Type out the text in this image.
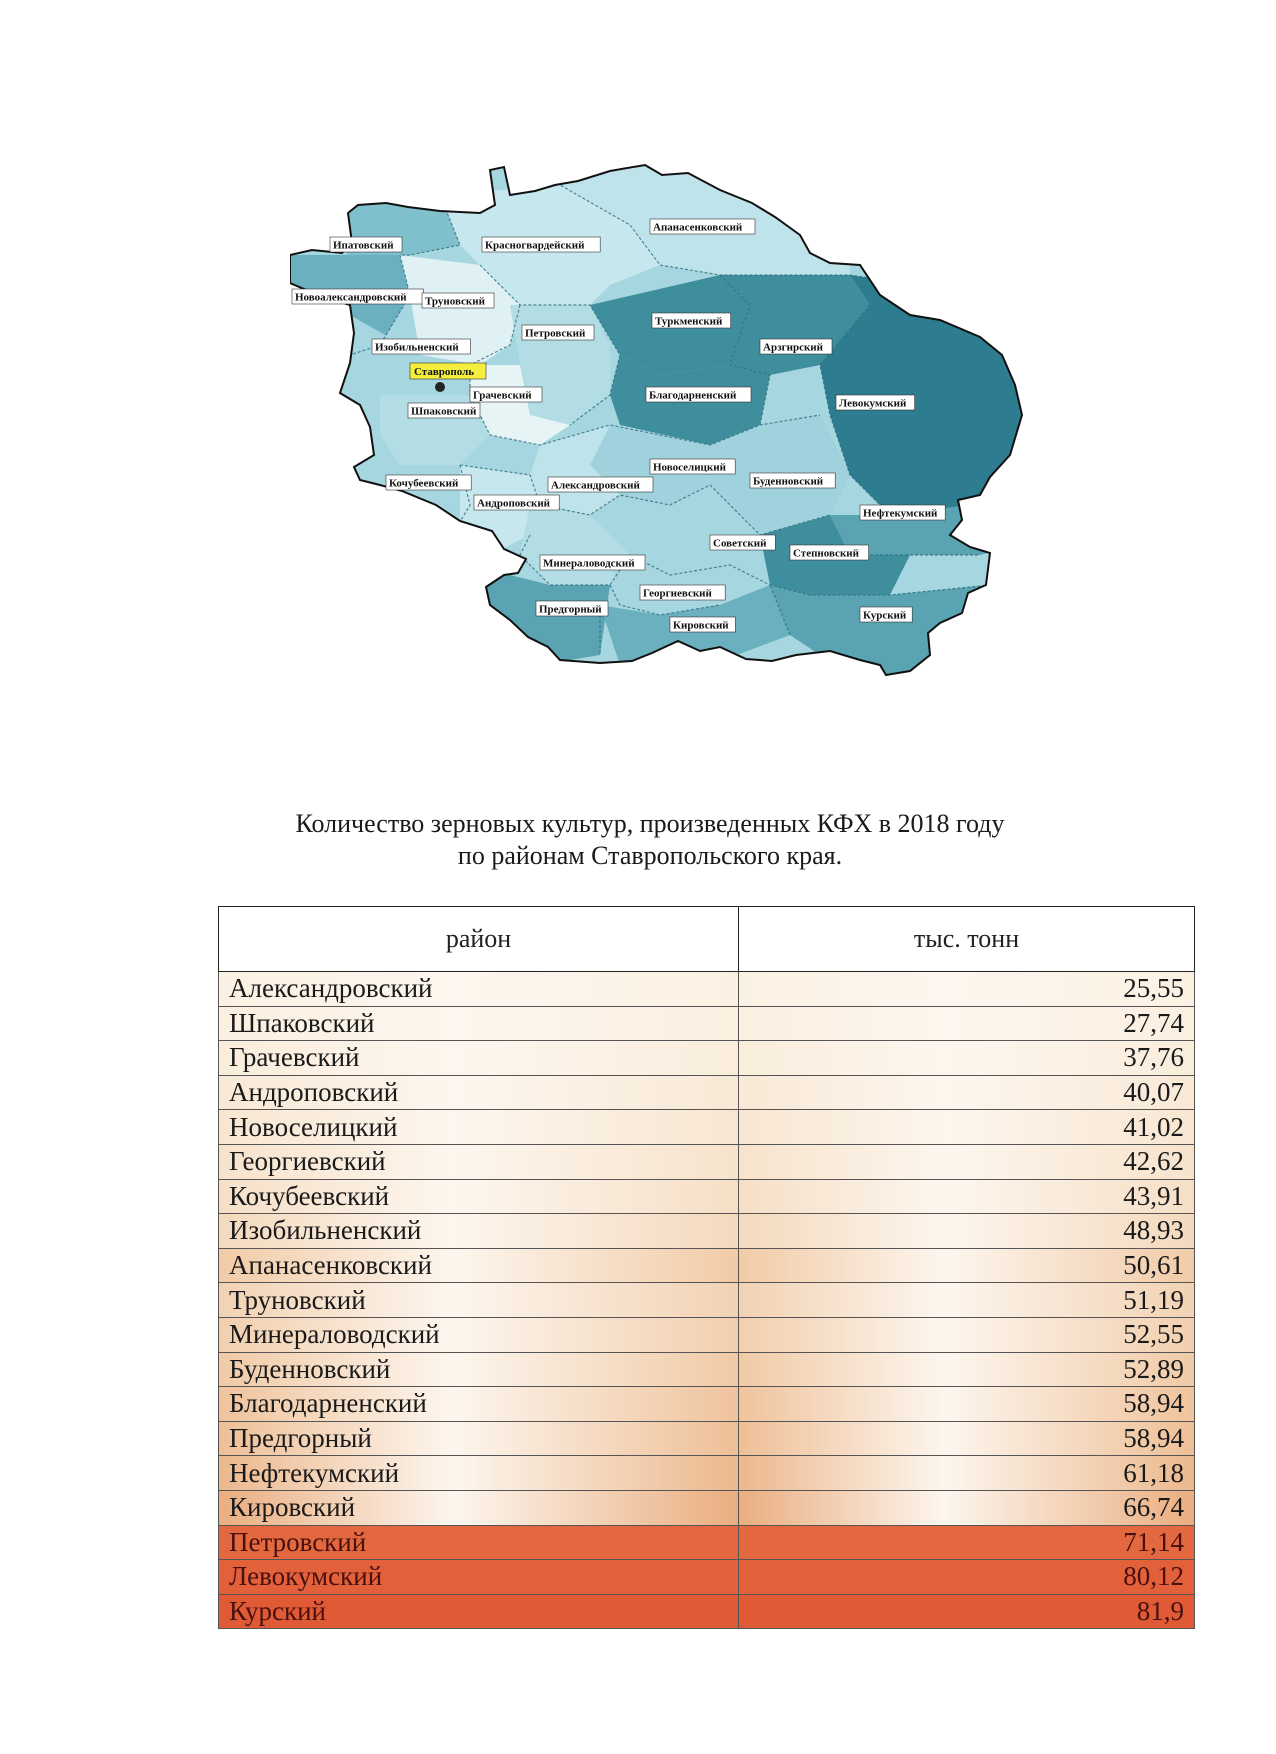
Апанасенковский
Красногвардейский
Ипатовский
Новоалександровский Труновский
Петровский
Туркменский
Арзгирский
Изобильненский
Благодарненский
Левокумский
Грачевский
Шпаковский
Новоселицкий
Буденновский
Кочубеевский	Александровский
Андроповский
Нефтекумский
Советский
Степновский
Минераловодский
Георгиевский
Предгорный	Курский
Кировский
Ставрополь
Количество зерновых культур, произведенных КФХ в 2018 году
по районам Ставропольского края.
район	тыс. тонн
Александровский	25,55
Шпаковский	27,74
Грачевский	37,76
Андроповский	40,07
Новоселицкий	41,02
Георгиевский	42,62
Кочубеевский	43,91
Изобильненский	48,93
Апанасенковский	50,61
Труновский	51,19
Минераловодский	52,55
Буденновский	52,89
Благодарненский	58,94
Предгорный	58,94
Нефтекумский	61,18
Кировский	66,74
Петровский	71,14
Левокумский	80,12
Курский	81,9
